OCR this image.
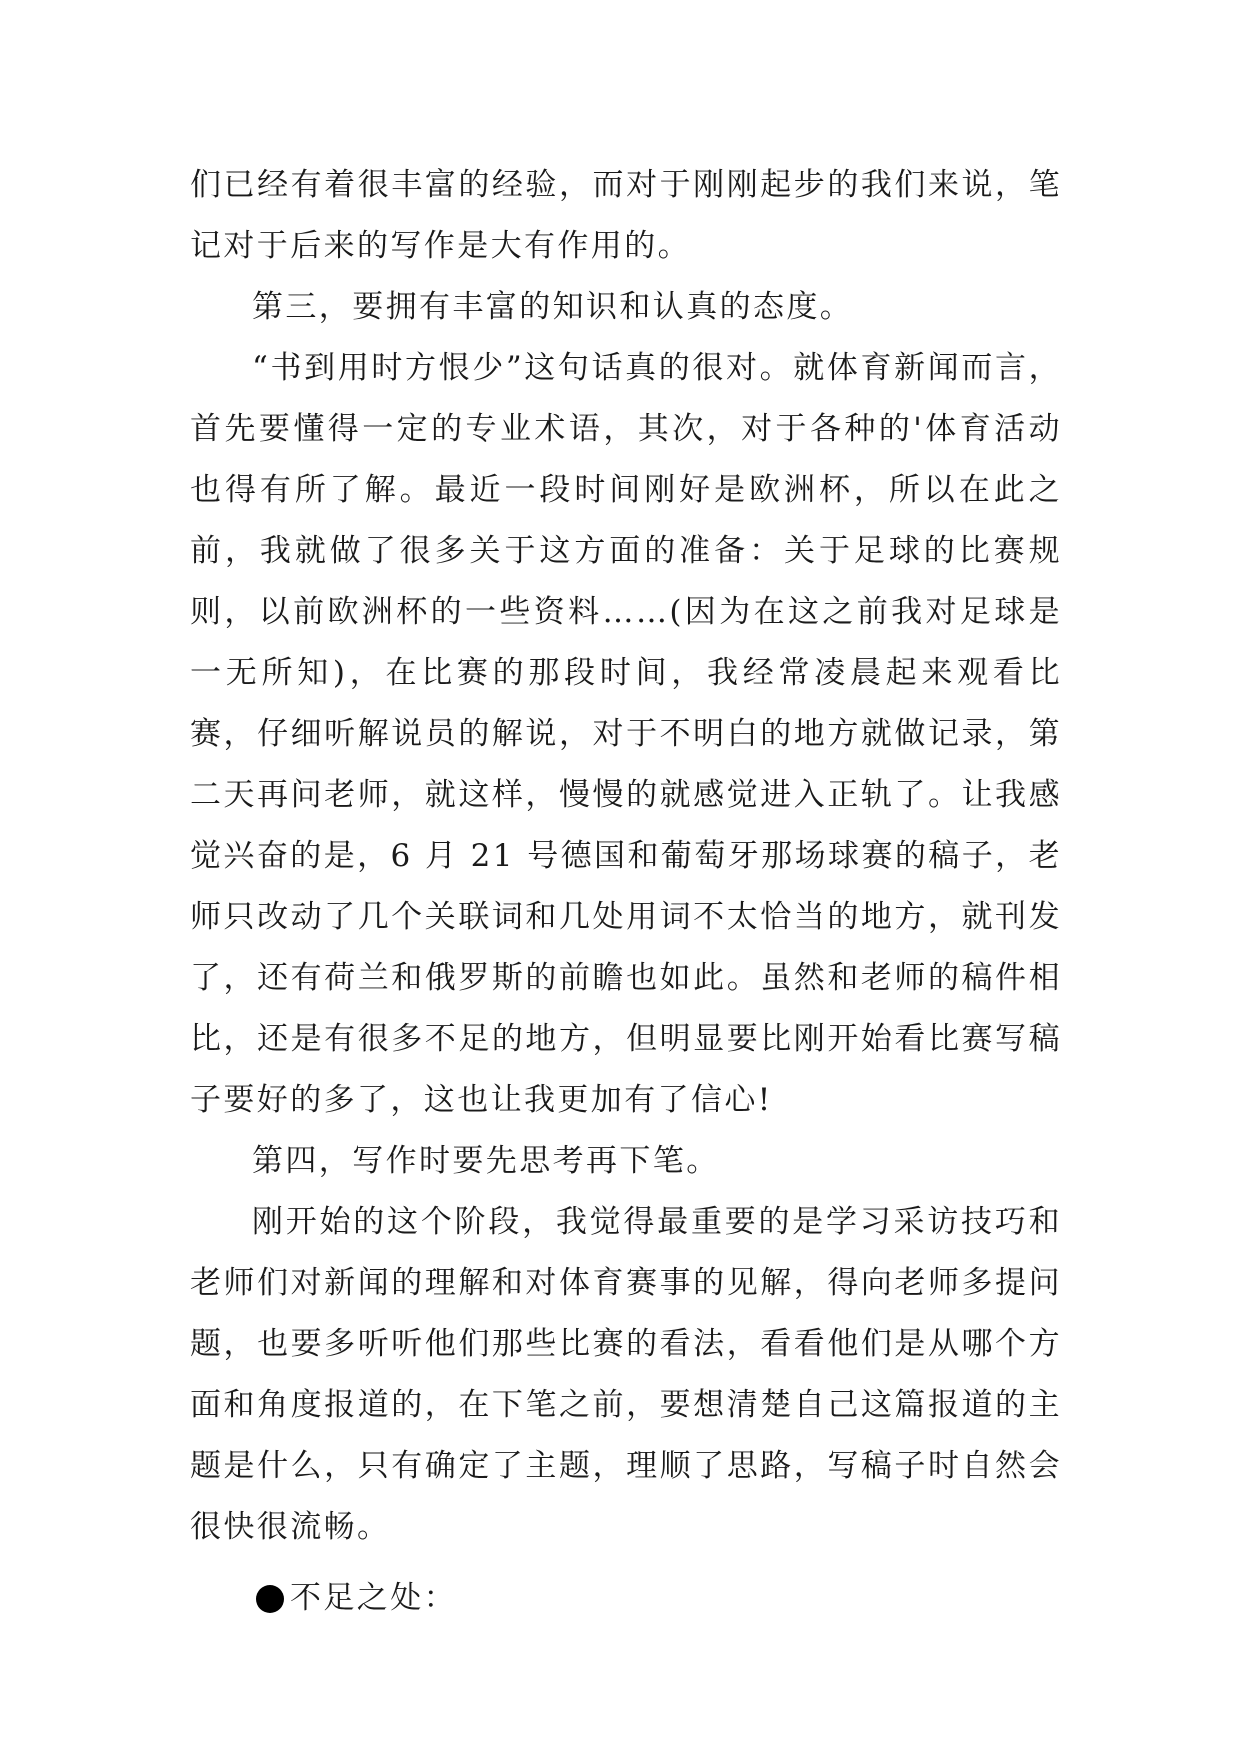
们已经有着很丰富的经验，而对于刚刚起步的我们来说，笔记对于后来的写作是大有作用的。

第三，要拥有丰富的知识和认真的态度。

“书到用时方恨少”这句话真的很对。就体育新闻而言，首先要懂得一定的专业术语，其次，对于各种的'体育活动也得有所了解。最近一段时间刚好是欧洲杯，所以在此之前，我就做了很多关于这方面的准备：关于足球的比赛规则，以前欧洲杯的一些资料……(因为在这之前我对足球是一无所知)，在比赛的那段时间，我经常凌晨起来观看比赛，仔细听解说员的解说，对于不明白的地方就做记录，第二天再问老师，就这样，慢慢的就感觉进入正轨了。让我感觉兴奋的是，6 月 21 号德国和葡萄牙那场球赛的稿子，老师只改动了几个关联词和几处用词不太恰当的地方，就刊发了，还有荷兰和俄罗斯的前瞻也如此。虽然和老师的稿件相比，还是有很多不足的地方，但明显要比刚开始看比赛写稿子要好的多了，这也让我更加有了信心!

第四，写作时要先思考再下笔。

刚开始的这个阶段，我觉得最重要的是学习采访技巧和老师们对新闻的理解和对体育赛事的见解，得向老师多提问题，也要多听听他们那些比赛的看法，看看他们是从哪个方面和角度报道的，在下笔之前，要想清楚自己这篇报道的主题是什么，只有确定了主题，理顺了思路，写稿子时自然会很快很流畅。

不足之处：
